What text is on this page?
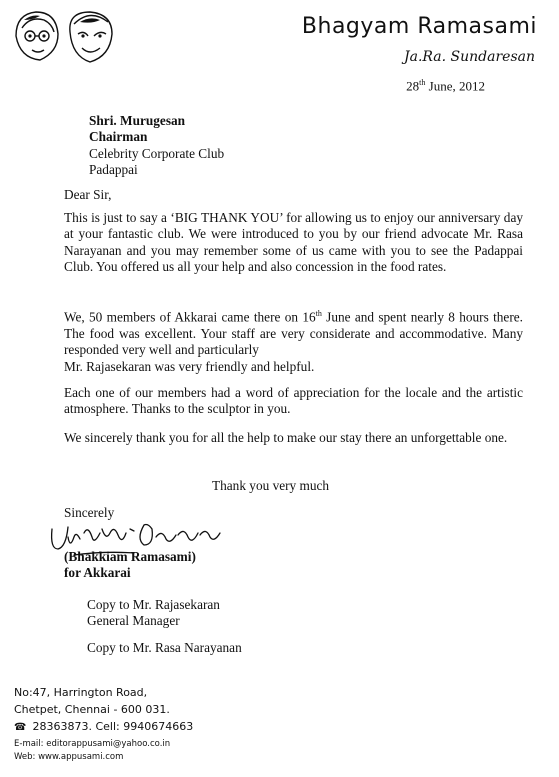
Bhagyam Ramasami
Ja.Ra. Sundaresan
28th June, 2012
Shri. Murugesan
Chairman
Celebrity Corporate Club
Padappai
Dear Sir,
This is just to say a ‘BIG THANK YOU’ for allowing us to enjoy our anniversary day at your fantastic club. We were introduced to you by our friend advocate Mr. Rasa Narayanan and you may remember some of us came with you to see the Padappai Club. You offered us all your help and also concession in the food rates.
We, 50 members of Akkarai came there on 16th June and spent nearly 8 hours there. The food was excellent. Your staff are very considerate and accommodative. Many responded very well and particularly
Mr. Rajasekaran was very friendly and helpful.
Each one of our members had a word of appreciation for the locale and the artistic atmosphere. Thanks to the sculptor in you.
We sincerely thank you for all the help to make our stay there an unforgettable one.
Thank you very much
Sincerely
(Bhakkiam Ramasami)
for Akkarai
Copy to Mr. Rajasekaran
General Manager
Copy to Mr. Rasa Narayanan
No:47, Harrington Road,
Chetpet, Chennai - 600 031.
☎ 28363873. Cell: 9940674663
E-mail: editorappusami@yahoo.co.in
Web: www.appusami.com
